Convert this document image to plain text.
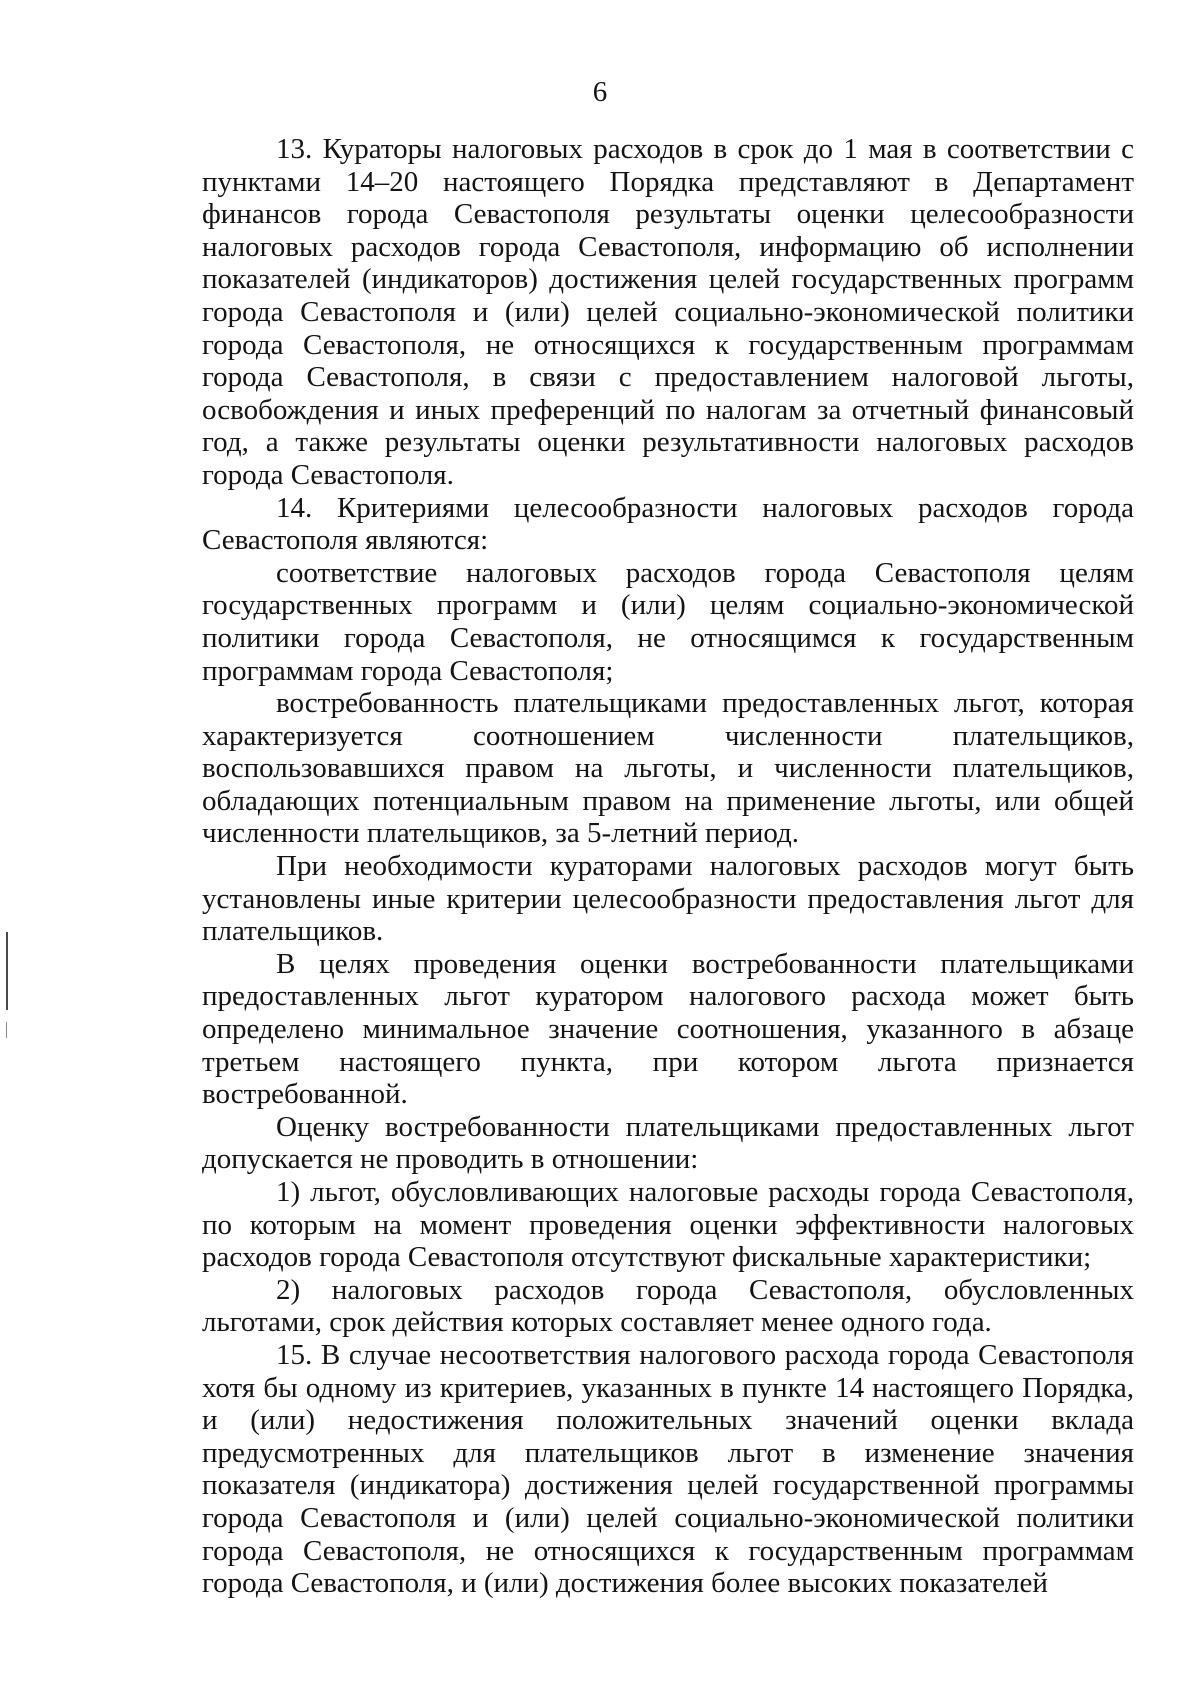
6

13. Кураторы налоговых расходов в срок до 1 мая в соответствии с пунктами 14–20 настоящего Порядка представляют в Департамент финансов города Севастополя результаты оценки целесообразности налоговых расходов города Севастополя, информацию об исполнении показателей (индикаторов) достижения целей государственных программ города Севастополя и (или) целей социально-экономической политики города Севастополя, не относящихся к государственным программам города Севастополя, в связи с предоставлением налоговой льготы, освобождения и иных преференций по налогам за отчетный финансовый год, а также результаты оценки результативности налоговых расходов города Севастополя.

14. Критериями целесообразности налоговых расходов города Севастополя являются:

соответствие налоговых расходов города Севастополя целям государственных программ и (или) целям социально-экономической политики города Севастополя, не относящимся к государственным программам города Севастополя;

востребованность плательщиками предоставленных льгот, которая характеризуется соотношением численности плательщиков, воспользовавшихся правом на льготы, и численности плательщиков, обладающих потенциальным правом на применение льготы, или общей численности плательщиков, за 5-летний период.

При необходимости кураторами налоговых расходов могут быть установлены иные критерии целесообразности предоставления льгот для плательщиков.

В целях проведения оценки востребованности плательщиками предоставленных льгот куратором налогового расхода может быть определено минимальное значение соотношения, указанного в абзаце третьем настоящего пункта, при котором льгота признается востребованной.

Оценку востребованности плательщиками предоставленных льгот допускается не проводить в отношении:

1) льгот, обусловливающих налоговые расходы города Севастополя, по которым на момент проведения оценки эффективности налоговых расходов города Севастополя отсутствуют фискальные характеристики;

2) налоговых расходов города Севастополя, обусловленных льготами, срок действия которых составляет менее одного года.

15. В случае несоответствия налогового расхода города Севастополя хотя бы одному из критериев, указанных в пункте 14 настоящего Порядка, и (или) недостижения положительных значений оценки вклада предусмотренных для плательщиков льгот в изменение значения показателя (индикатора) достижения целей государственной программы города Севастополя и (или) целей социально-экономической политики города Севастополя, не относящихся к государственным программам города Севастополя, и (или) достижения более высоких показателей
